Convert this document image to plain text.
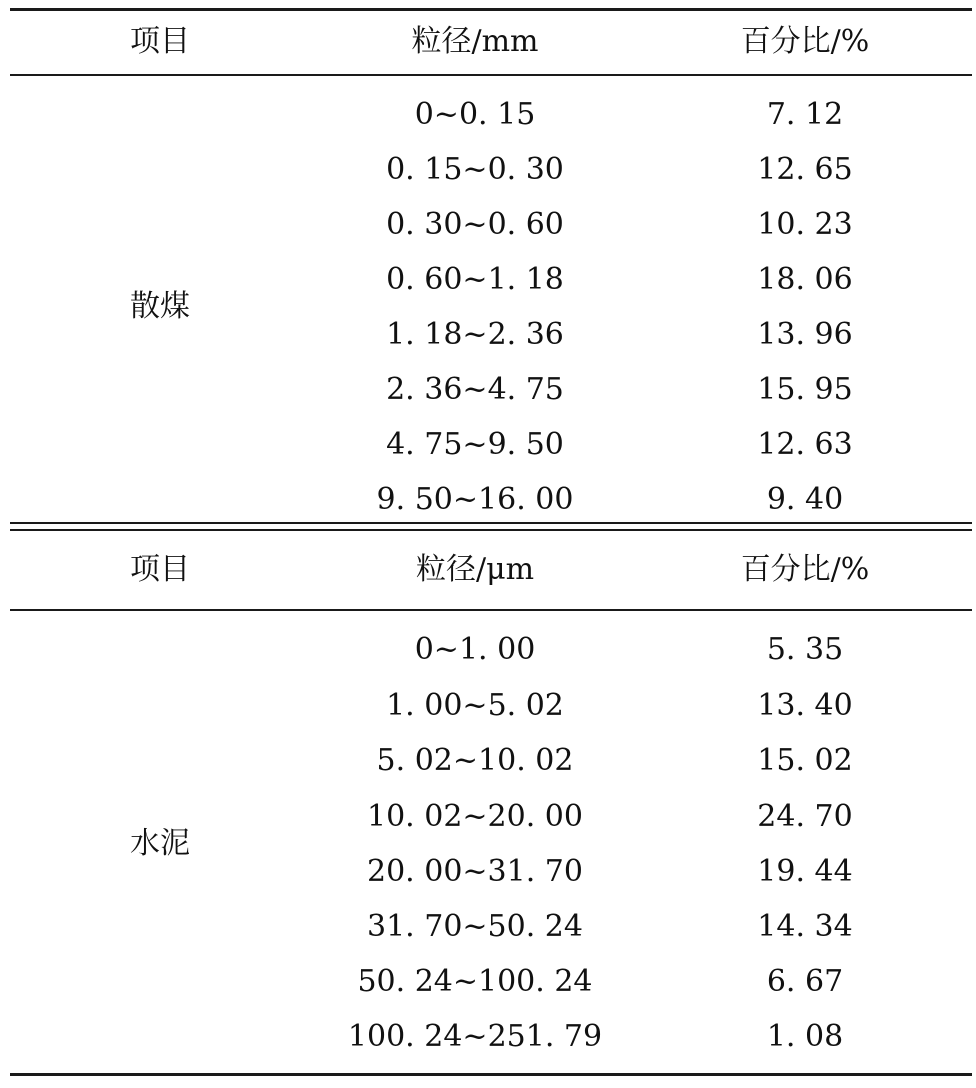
项目	粒径/mm	百分比/%
散煤
0~0. 15	7. 12
0. 15~0. 30	12. 65
0. 30~0. 60	10. 23
0. 60~1. 18	18. 06
1. 18~2. 36	13. 96
2. 36~4. 75	15. 95
4. 75~9. 50	12. 63
9. 50~16. 00	9. 40
项目	粒径/μm	百分比/%
水泥
0~1. 00	5. 35
1. 00~5. 02	13. 40
5. 02~10. 02	15. 02
10. 02~20. 00	24. 70
20. 00~31. 70	19. 44
31. 70~50. 24	14. 34
50. 24~100. 24	6. 67
100. 24~251. 79	1. 08
